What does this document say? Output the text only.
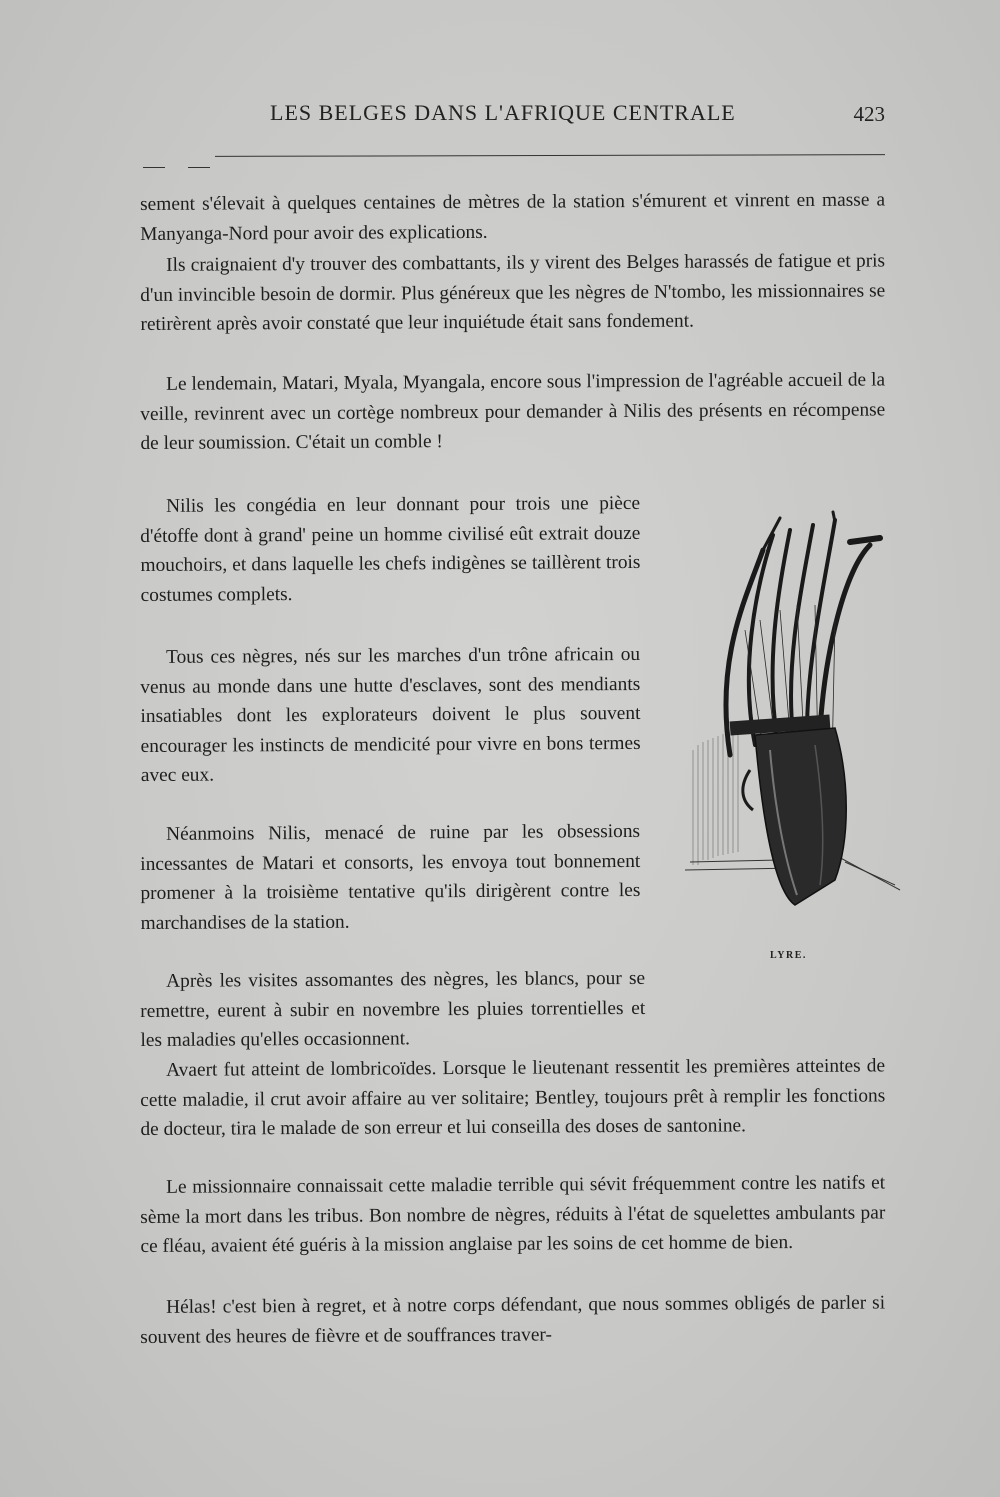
LES BELGES DANS L'AFRIQUE CENTRALE	423

sement s'élevait à quelques centaines de mètres de la station s'émurent et vinrent en masse a Manyanga-Nord pour avoir des explications.

Ils craignaient d'y trouver des combattants, ils y virent des Belges harassés de fatigue et pris d'un invincible besoin de dormir. Plus généreux que les nègres de N'tombo, les missionnaires se retirèrent après avoir constaté que leur inquiétude était sans fondement.

Le lendemain, Matari, Myala, Myangala, encore sous l'impression de l'agréable accueil de la veille, revinrent avec un cortège nombreux pour demander à Nilis des présents en récompense de leur soumission. C'était un comble !

Nilis les congédia en leur donnant pour trois une pièce d'étoffe dont à grand' peine un homme civilisé eût extrait douze mouchoirs, et dans laquelle les chefs indigènes se taillèrent trois costumes complets.

Tous ces nègres, nés sur les marches d'un trône africain ou venus au monde dans une hutte d'esclaves, sont des mendiants insatiables dont les explorateurs doivent le plus souvent encourager les instincts de mendicité pour vivre en bons termes avec eux.

Néanmoins Nilis, menacé de ruine par les obsessions incessantes de Matari et consorts, les envoya tout bonnement promener à la troisième tentative qu'ils dirigèrent contre les marchandises de la station.

Après les visites assomantes des nègres, les blancs, pour se remettre, eurent à subir en novembre les pluies torrentielles et les maladies qu'elles occasionnent.

Avaert fut atteint de lombricoïdes. Lorsque le lieutenant ressentit les premières atteintes de cette maladie, il crut avoir affaire au ver solitaire; Bentley, toujours prêt à remplir les fonctions de docteur, tira le malade de son erreur et lui conseilla des doses de santonine.

Le missionnaire connaissait cette maladie terrible qui sévit fréquemment contre les natifs et sème la mort dans les tribus. Bon nombre de nègres, réduits à l'état de squelettes ambulants par ce fléau, avaient été guéris à la mission anglaise par les soins de cet homme de bien.

Hélas! c'est bien à regret, et à notre corps défendant, que nous sommes obligés de parler si souvent des heures de fièvre et de souffrances traver-

LYRE.
